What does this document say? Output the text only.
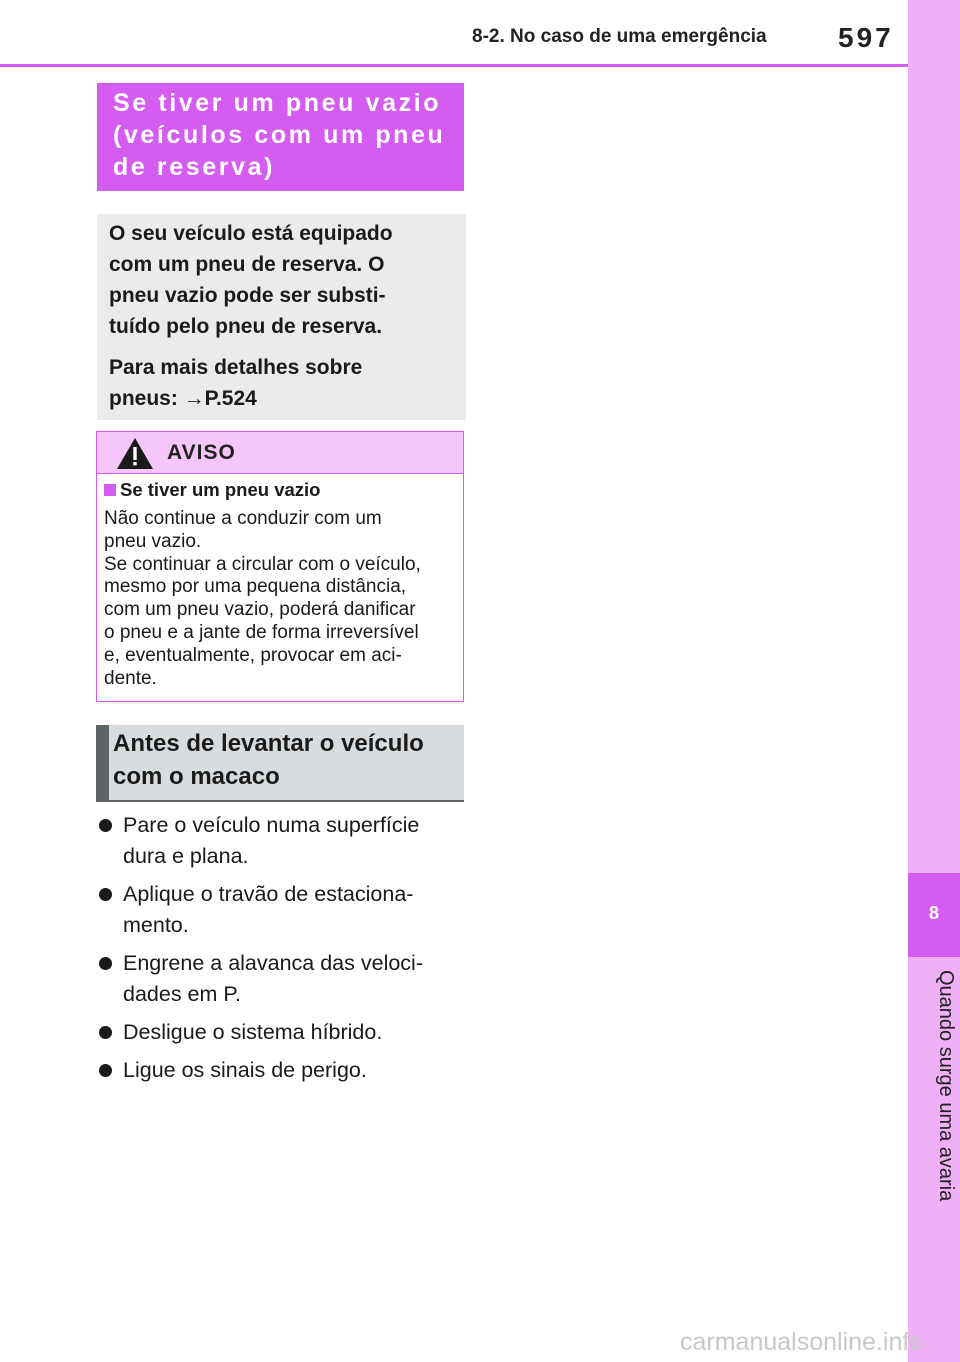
8-2. No caso de uma emergência	597
8
Quando surge uma avaria
Se tiver um pneu vazio
(veículos com um pneu
de reserva)
O seu veículo está equipado
com um pneu de reserva. O
pneu vazio pode ser substi-
tuído pelo pneu de reserva.
Para mais detalhes sobre
pneus: →P.524
AVISO
Se tiver um pneu vazio
Não continue a conduzir com um
pneu vazio.
Se continuar a circular com o veículo,
mesmo por uma pequena distância,
com um pneu vazio, poderá danificar
o pneu e a jante de forma irreversível
e, eventualmente, provocar em aci-
dente.
Antes de levantar o veículo
com o macaco
Pare o veículo numa superfície
dura e plana.
Aplique o travão de estaciona-
mento.
Engrene a alavanca das veloci-
dades em P.
Desligue o sistema híbrido.
Ligue os sinais de perigo.
carmanualsonline.info
